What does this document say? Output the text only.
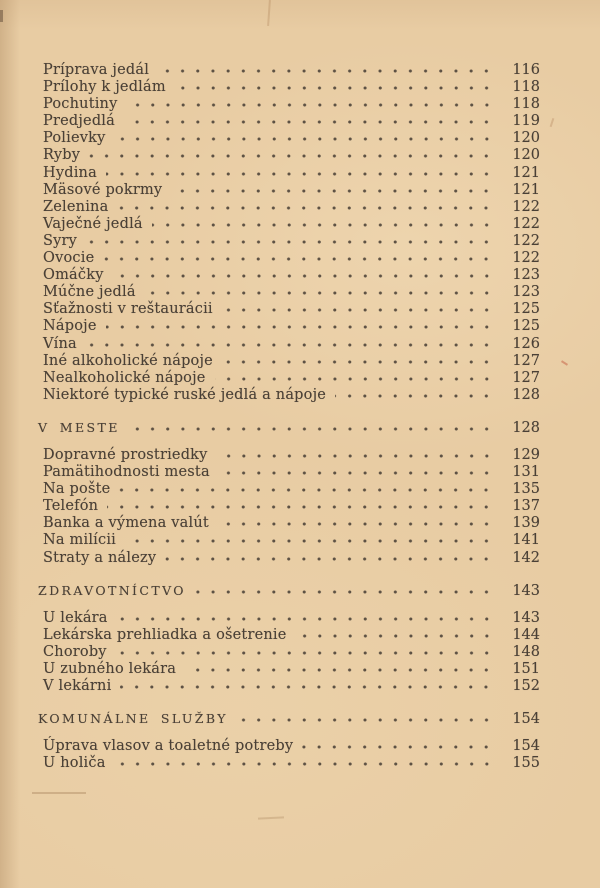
Príprava jedál	116
Prílohy k jedlám	118
Pochutiny	118
Predjedlá	119
Polievky	120
Ryby	120
Hydina	121
Mäsové pokrmy	121
Zelenina	122
Vaječné jedlá	122
Syry	122
Ovocie	122
Omáčky	123
Múčne jedlá	123
Sťažnosti v reštaurácii	125
Nápoje	125
Vína	126
Iné alkoholické nápoje	127
Nealkoholické nápoje	127
Niektoré typické ruské jedlá a nápoje	128
V MESTE	128
Dopravné prostriedky	129
Pamätihodnosti mesta	131
Na pošte	135
Telefón	137
Banka a výmena valút	139
Na milícii	141
Straty a nálezy	142
ZDRAVOTNÍCTVO	143
U lekára	143
Lekárska prehliadka a ošetrenie	144
Choroby	148
U zubného lekára	151
V lekárni	152
KOMUNÁLNE SLUŽBY	154
Úprava vlasov a toaletné potreby	154
U holiča	155
